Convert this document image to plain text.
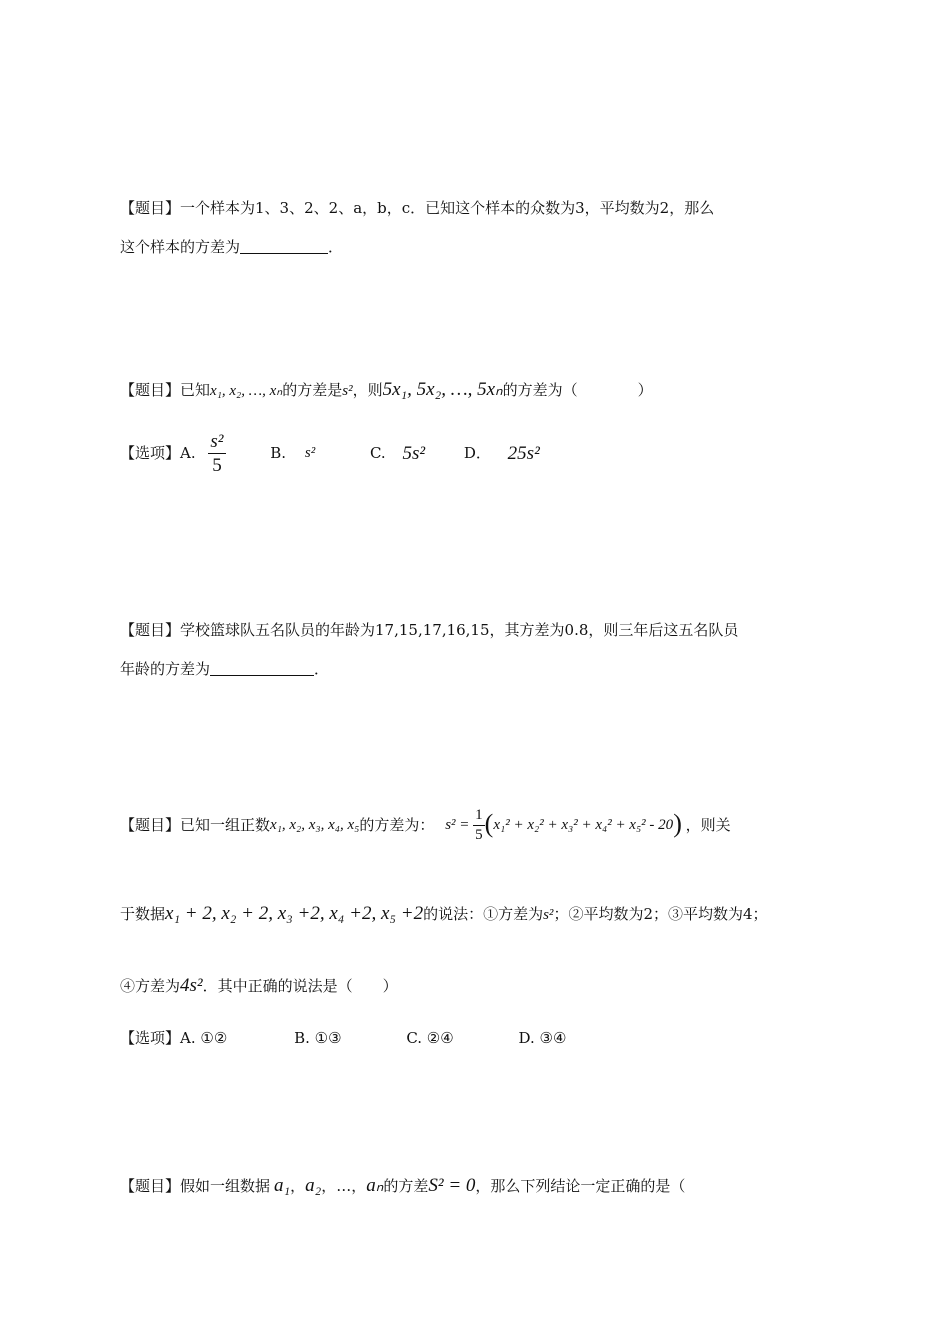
【题目】一个样本为1、3、2、2、a，b，c．已知这个样本的众数为3，平均数为2，那么
这个样本的方差为	．
【题目】已知x₁, x₂, …, xₙ的方差是s²，则5x₁, 5x₂, …, 5xₙ的方差为（	）
【选项】A. $\frac{\text{s²}}{5}$	B. s²	C. 5s²	D． 25s²
【题目】学校篮球队五名队员的年龄为17,15,17,16,15，其方差为0.8，则三年后这五名队员
年龄的方差为	．
【题目】已知一组正数x₁, x₂, x₃, x₄, x₅的方差为： $s^2 = \frac{1}{5} (x_1^2 + x_2^2 + x_3^2 + x_4^2 + x_5^2 - 20)$ ，则关
于数据x₁ + 2, x₂ + 2, x₃ +2, x₄ +2, x₅ +2的说法：①方差为s²；②平均数为2；③平均数为4；
④方差为4s²．其中正确的说法是（　　）
【选项】A. ①②	B. ①③	C. ②④	D. ③④
【题目】假如一组数据 a₁，a₂，…，aₙ的方差S² = 0，那么下列结论一定正确的是（
